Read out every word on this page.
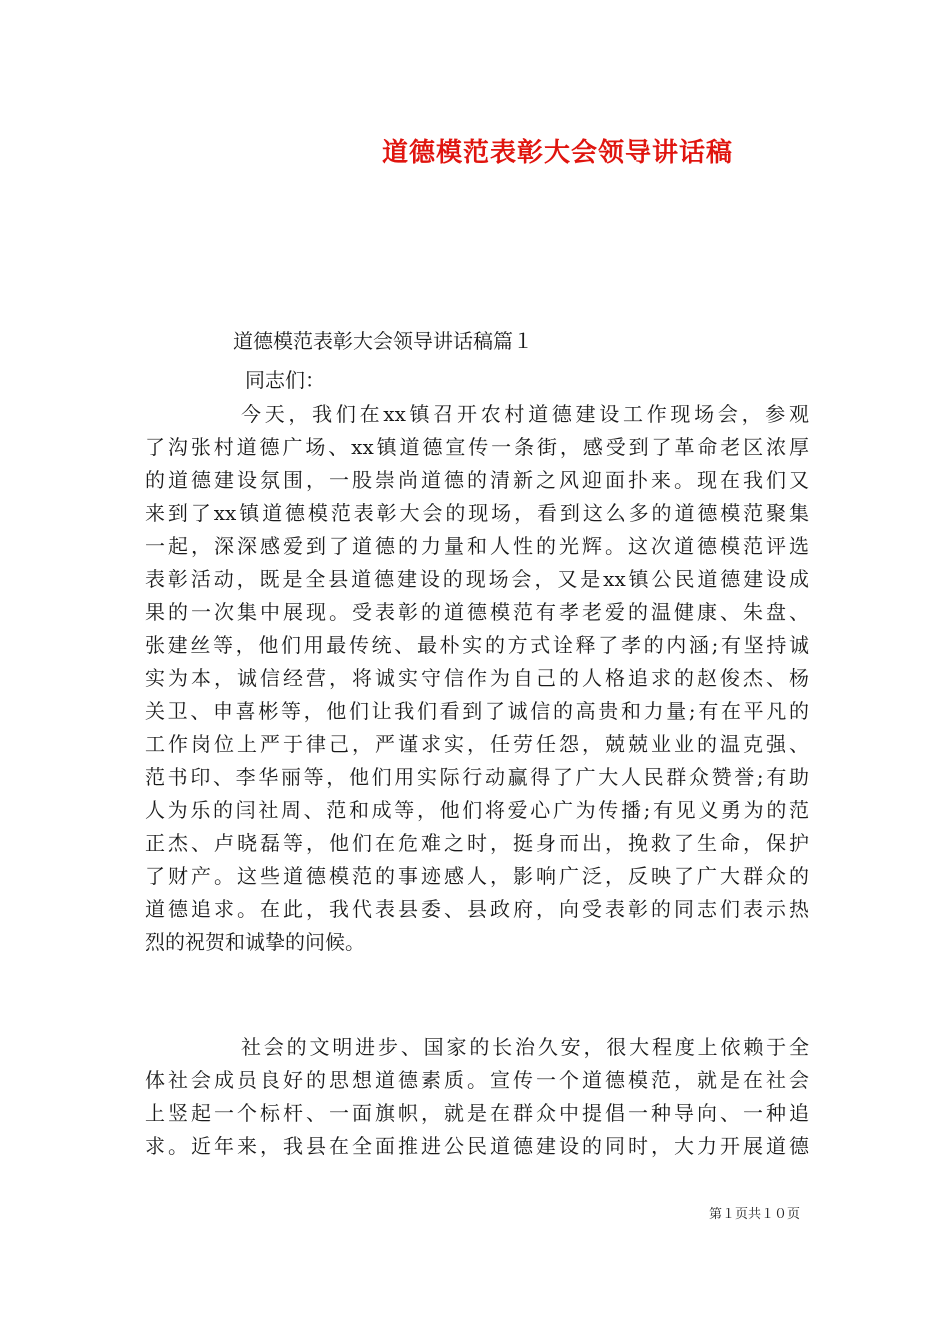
道德模范表彰大会领导讲话稿
道德模范表彰大会领导讲话稿篇１
同志们：
今天，我们在xx镇召开农村道德建设工作现场会，参观
了沟张村道德广场、xx镇道德宣传一条街，感受到了革命老区浓厚
的道德建设氛围，一股崇尚道德的清新之风迎面扑来。现在我们又
来到了xx镇道德模范表彰大会的现场，看到这么多的道德模范聚集
一起，深深感爱到了道德的力量和人性的光辉。这次道德模范评选
表彰活动，既是全县道德建设的现场会，又是xx镇公民道德建设成
果的一次集中展现。受表彰的道德模范有孝老爱的温健康、朱盘、
张建丝等，他们用最传统、最朴实的方式诠释了孝的内涵;有坚持诚
实为本，诚信经营，将诚实守信作为自己的人格追求的赵俊杰、杨
关卫、申喜彬等，他们让我们看到了诚信的高贵和力量;有在平凡的
工作岗位上严于律己，严谨求实，任劳任怨，兢兢业业的温克强、
范书印、李华丽等，他们用实际行动赢得了广大人民群众赞誉;有助
人为乐的闫社周、范和成等，他们将爱心广为传播;有见义勇为的范
正杰、卢晓磊等，他们在危难之时，挺身而出，挽救了生命，保护
了财产。这些道德模范的事迹感人，影响广泛，反映了广大群众的
道德追求。在此，我代表县委、县政府，向受表彰的同志们表示热
烈的祝贺和诚挚的问候。
社会的文明进步、国家的长治久安，很大程度上依赖于全
体社会成员良好的思想道德素质。宣传一个道德模范，就是在社会
上竖起一个标杆、一面旗帜，就是在群众中提倡一种导向、一种追
求。近年来，我县在全面推进公民道德建设的同时，大力开展道德
第１页共１０页
